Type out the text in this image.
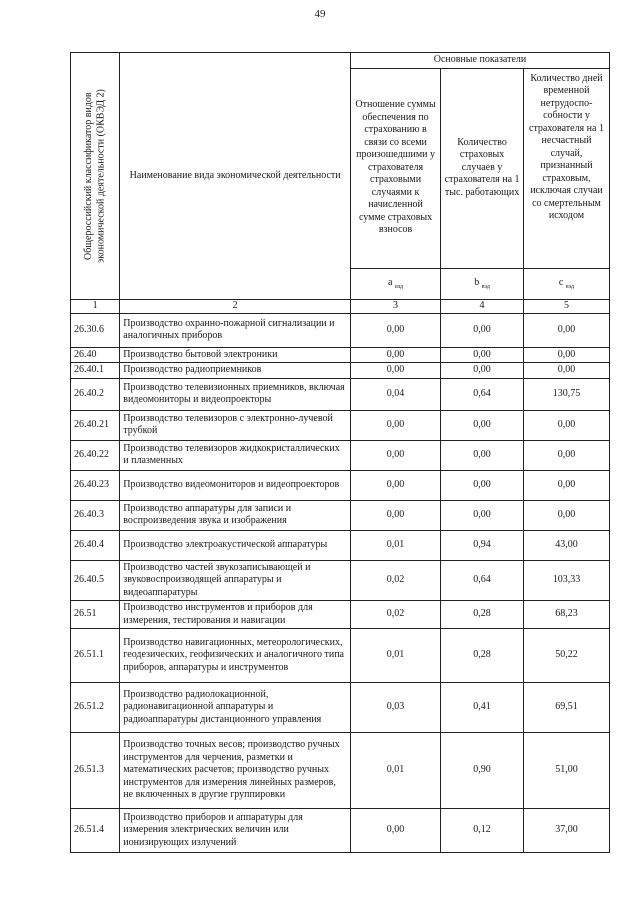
49
Общероссийский классификатор видов экономической деятельности (ОКВЭД 2)	Наименование вида экономической деятельности	Основные показатели		
		Отношение суммы обеспечения по страхованию в связи со всеми произошедшими у страхователя страховыми случаями к начисленной сумме страховых взносов	Количество страховых случаев у страхователя на 1 тыс. работающих	Количество дней временной нетрудоспо- собности у страхователя на 1 несчастный случай, признанный страховым, исключая случаи со смертельным исходом
		a $_{вэд}$	b $_{вэд}$	c $_{вэд}$
1	2	3	4	5
26.30.6	Производство охранно-пожарной сигнализации и аналогичных приборов	0,00	0,00	0,00
26.40	Производство бытовой электроники	0,00	0,00	0,00
26.40.1	Производство радиоприемников	0,00	0,00	0,00
26.40.2	Производство телевизионных приемников, включая видеомониторы и видеопроекторы	0,04	0,64	130,75
26.40.21	Производство телевизоров с электронно-лучевой трубкой	0,00	0,00	0,00
26.40.22	Производство телевизоров жидкокристаллических и плазменных	0,00	0,00	0,00
26.40.23	Производство видеомониторов и видеопроекторов	0,00	0,00	0,00
26.40.3	Производство аппаратуры для записи и воспроизведения звука и изображения	0,00	0,00	0,00
26.40.4	Производство электроакустической аппаратуры	0,01	0,94	43,00
26.40.5	Производство частей звукозаписывающей и звуковоспроизводящей аппаратуры и видеоаппаратуры	0,02	0,64	103,33
26.51	Производство инструментов и приборов для измерения, тестирования и навигации	0,02	0,28	68,23
26.51.1	Производство навигационных, метеорологических, геодезических, геофизических и аналогичного типа приборов, аппаратуры и инструментов	0,01	0,28	50,22
26.51.2	Производство радиолокационной, радионавигационной аппаратуры и радиоаппаратуры дистанционного управления	0,03	0,41	69,51
26.51.3	Производство точных весов; производство ручных инструментов для черчения, разметки и математических расчетов; производство ручных инструментов для измерения линейных размеров, не включенных в другие группировки	0,01	0,90	51,00
26.51.4	Производство приборов и аппаратуры для измерения электрических величин или ионизирующих излучений	0,00	0,12	37,00
